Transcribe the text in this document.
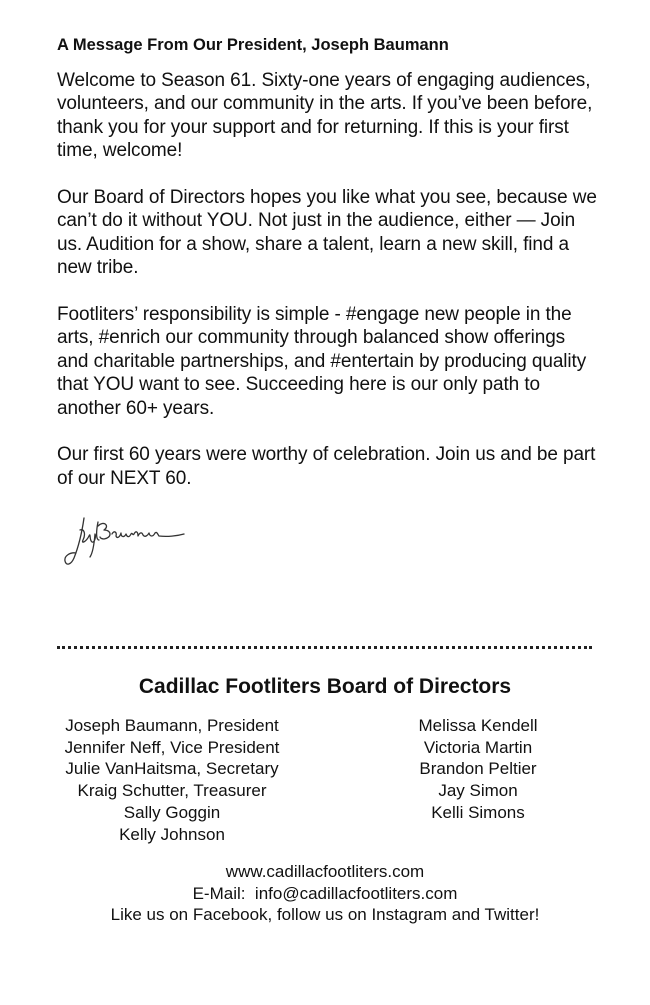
A Message From Our President, Joseph Baumann

Welcome to Season 61. Sixty-one years of engaging audiences, volunteers, and our community in the arts. If you’ve been before, thank you for your support and for returning. If this is your first time, welcome!

Our Board of Directors hopes you like what you see, because we can’t do it without YOU. Not just in the audience, either — Join us. Audition for a show, share a talent, learn a new skill, find a new tribe.

Footliters’ responsibility is simple - #engage new people in the arts, #enrich our community through balanced show offerings and charitable partnerships, and #entertain by producing quality that YOU want to see. Succeeding here is our only path to another 60+ years.

Our first 60 years were worthy of celebration. Join us and be part of our NEXT 60.

Cadillac Footliters Board of Directors
Joseph Baumann, President
Jennifer Neff, Vice President
Julie VanHaitsma, Secretary
Kraig Schutter, Treasurer
Sally Goggin
Kelly Johnson
Melissa Kendell
Victoria Martin
Brandon Peltier
Jay Simon
Kelli Simons
www.cadillacfootliters.com
E-Mail:  info@cadillacfootliters.com
Like us on Facebook, follow us on Instagram and Twitter!
